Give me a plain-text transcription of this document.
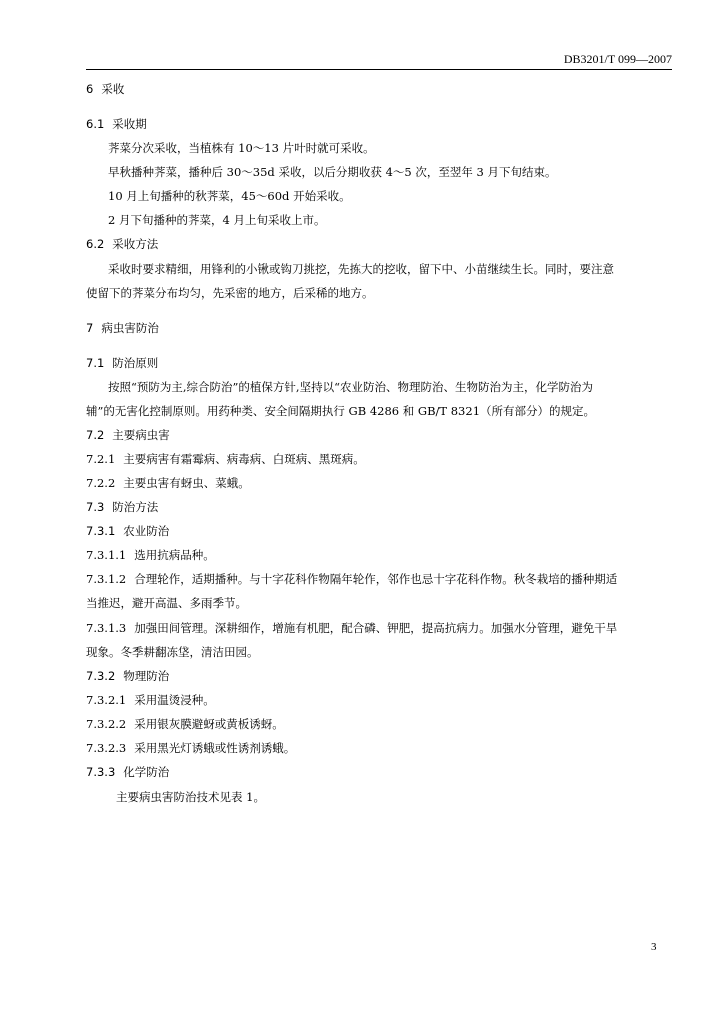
DB3201/T 099—2007
6 采收
6.1 采收期
荠菜分次采收，当植株有 10～13 片叶时就可采收。
早秋播种荠菜，播种后 30～35d 采收，以后分期收获 4～5 次，至翌年 3 月下旬结束。
10 月上旬播种的秋荠菜，45～60d 开始采收。
2 月下旬播种的荠菜，4 月上旬采收上市。
6.2 采收方法
采收时要求精细，用锋利的小锹或钩刀挑挖，先拣大的挖收，留下中、小苗继续生长。同时，要注意
使留下的荠菜分布均匀，先采密的地方，后采稀的地方。
7 病虫害防治
7.1 防治原则
按照“预防为主,综合防治”的植保方针,坚持以“农业防治、物理防治、生物防治为主，化学防治为
辅”的无害化控制原则。用药种类、安全间隔期执行 GB 4286 和 GB/T 8321（所有部分）的规定。
7.2 主要病虫害
7.2.1 主要病害有霜霉病、病毒病、白斑病、黑斑病。
7.2.2 主要虫害有蚜虫、菜蛾。
7.3 防治方法
7.3.1 农业防治
7.3.1.1 选用抗病品种。
7.3.1.2 合理轮作，适期播种。与十字花科作物隔年轮作，邻作也忌十字花科作物。秋冬栽培的播种期适
当推迟，避开高温、多雨季节。
7.3.1.3 加强田间管理。深耕细作，增施有机肥，配合磷、钾肥，提高抗病力。加强水分管理，避免干旱
现象。冬季耕翻冻垡，清洁田园。
7.3.2 物理防治
7.3.2.1 采用温烫浸种。
7.3.2.2 采用银灰膜避蚜或黄板诱蚜。
7.3.2.3 采用黑光灯诱蛾或性诱剂诱蛾。
7.3.3 化学防治
主要病虫害防治技术见表 1。
3
